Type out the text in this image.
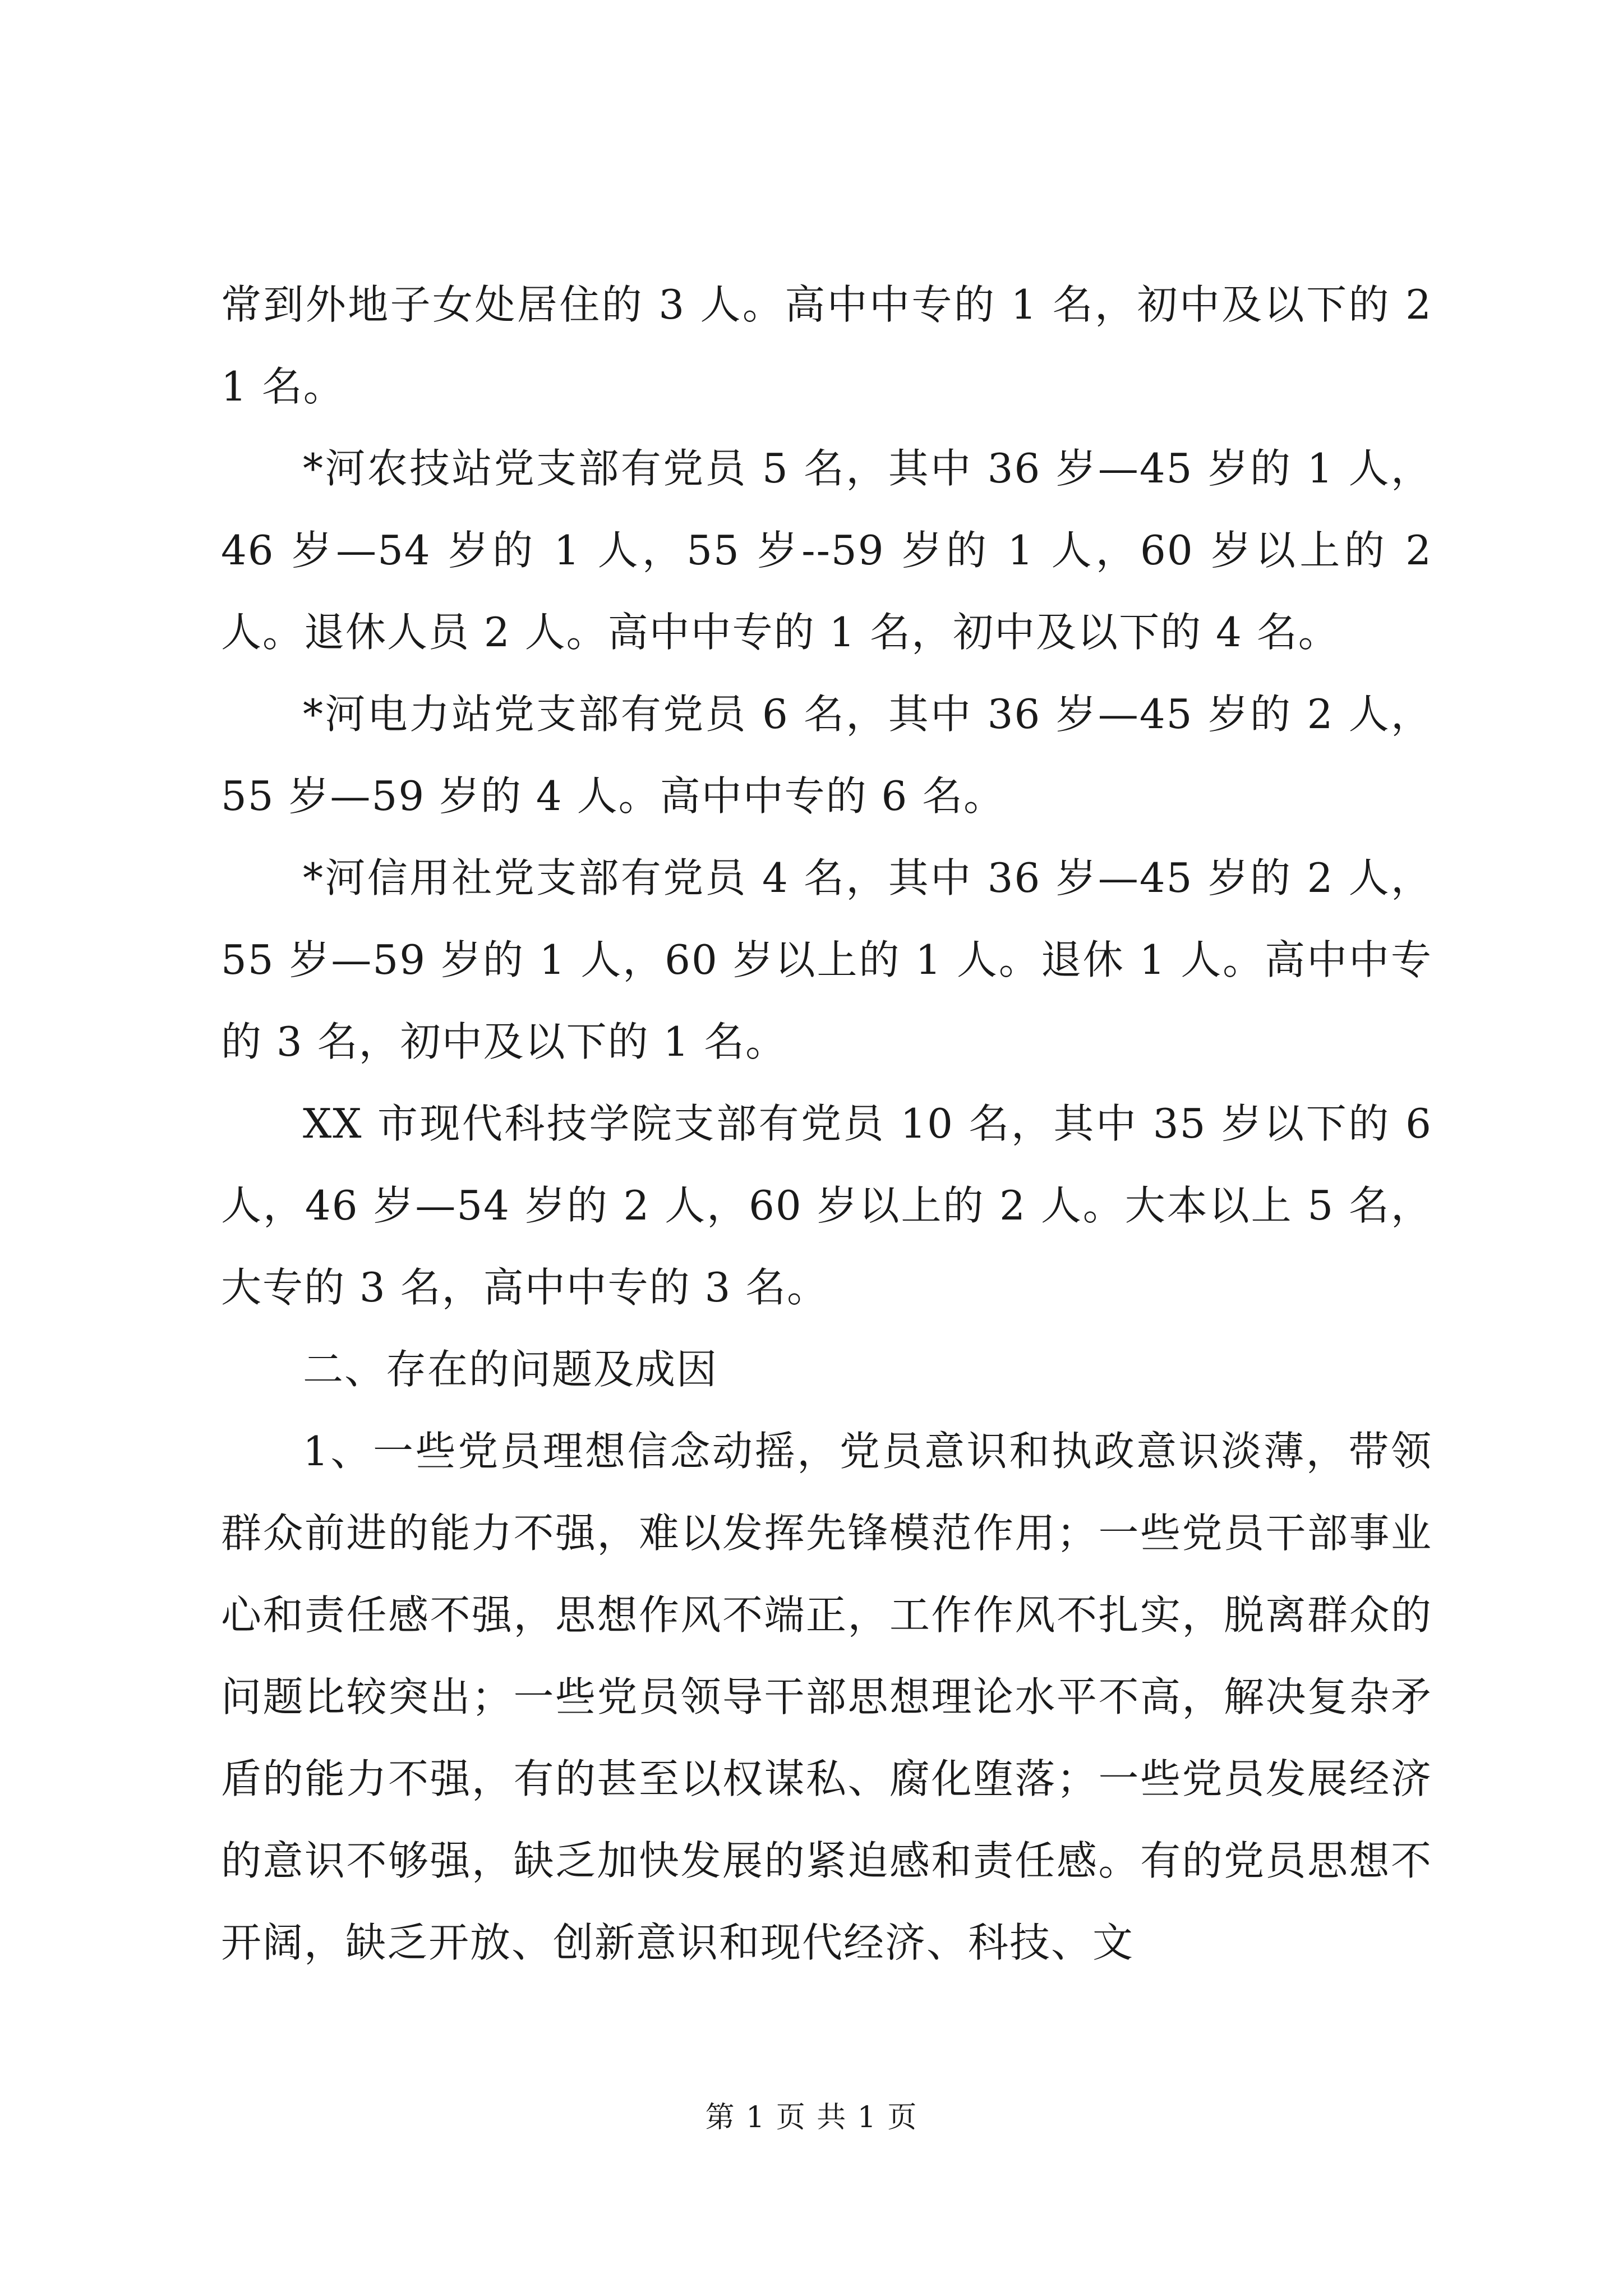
常到外地子女处居住的 3 人。高中中专的 1 名，初中及以下的 21 名。

*河农技站党支部有党员 5 名，其中 36 岁—45 岁的 1 人，46 岁—54 岁的 1 人，55 岁--59 岁的 1 人，60 岁以上的 2 人。退休人员 2 人。高中中专的 1 名，初中及以下的 4 名。

*河电力站党支部有党员 6 名，其中 36 岁—45 岁的 2 人，55 岁—59 岁的 4 人。高中中专的 6 名。

*河信用社党支部有党员 4 名，其中 36 岁—45 岁的 2 人，55 岁—59 岁的 1 人，60 岁以上的 1 人。退休 1 人。高中中专的 3 名，初中及以下的 1 名。

XX 市现代科技学院支部有党员 10 名，其中 35 岁以下的 6 人，46 岁—54 岁的 2 人，60 岁以上的 2 人。大本以上 5 名，大专的 3 名，高中中专的 3 名。

二、存在的问题及成因

1、一些党员理想信念动摇，党员意识和执政意识淡薄，带领群众前进的能力不强，难以发挥先锋模范作用；一些党员干部事业心和责任感不强，思想作风不端正，工作作风不扎实，脱离群众的问题比较突出；一些党员领导干部思想理论水平不高，解决复杂矛盾的能力不强，有的甚至以权谋私、腐化堕落；一些党员发展经济的意识不够强，缺乏加快发展的紧迫感和责任感。有的党员思想不开阔，缺乏开放、创新意识和现代经济、科技、文

第 1 页 共 1 页
